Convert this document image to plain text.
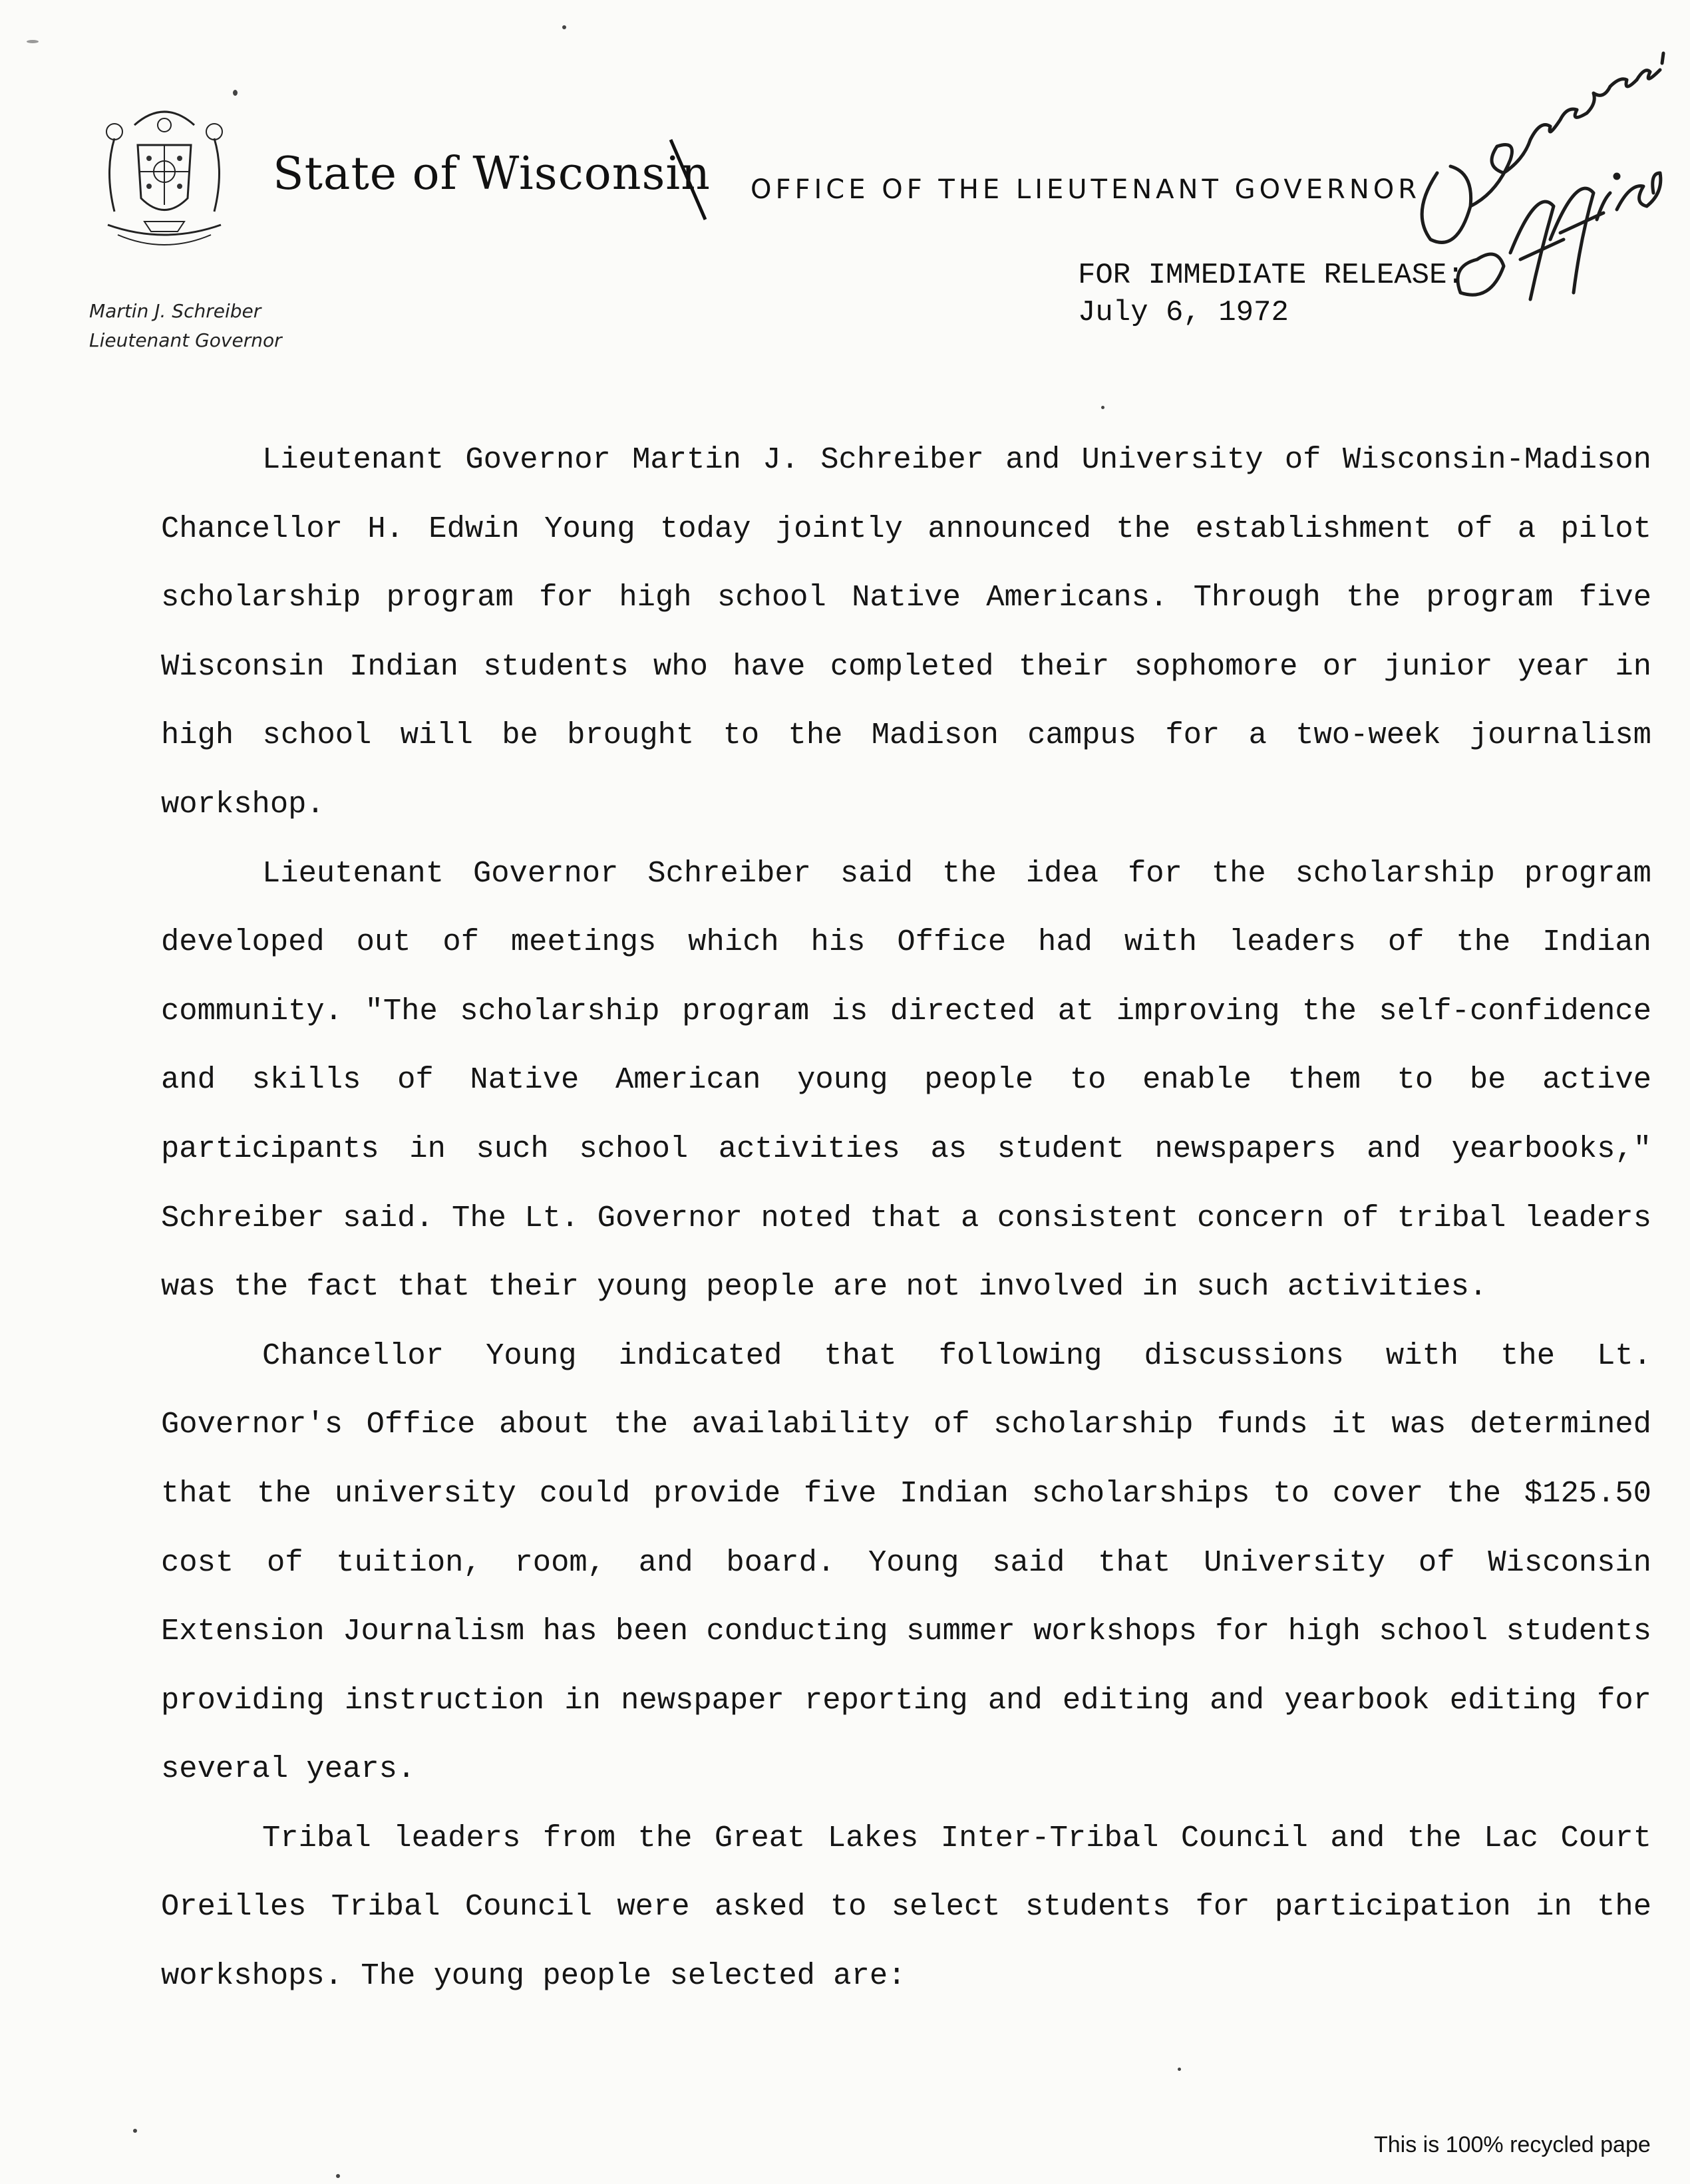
State of Wisconsin OFFICE OF THE LIEUTENANT GOVERNOR
Martin J. Schreiber
Lieutenant Governor
FOR IMMEDIATE RELEASE:
July 6, 1972

Lieutenant Governor Martin J. Schreiber and University of Wisconsin-Madison Chancellor H. Edwin Young today jointly announced the establishment of a pilot scholarship program for high school Native Americans. Through the program five Wisconsin Indian students who have completed their sophomore or junior year in high school will be brought to the Madison campus for a two-week journalism workshop.

Lieutenant Governor Schreiber said the idea for the scholarship program developed out of meetings which his Office had with leaders of the Indian community. "The scholarship program is directed at improving the self-confidence and skills of Native American young people to enable them to be active participants in such school activities as student newspapers and yearbooks," Schreiber said. The Lt. Governor noted that a consistent concern of tribal leaders was the fact that their young people are not involved in such activities.

Chancellor Young indicated that following discussions with the Lt. Governor's Office about the availability of scholarship funds it was determined that the university could provide five Indian scholarships to cover the $125.50 cost of tuition, room, and board. Young said that University of Wisconsin Extension Journalism has been conducting summer workshops for high school students providing instruction in newspaper reporting and editing and yearbook editing for several years.

Tribal leaders from the Great Lakes Inter-Tribal Council and the Lac Court Oreilles Tribal Council were asked to select students for participation in the workshops. The young people selected are:

This is 100% recycled pape
